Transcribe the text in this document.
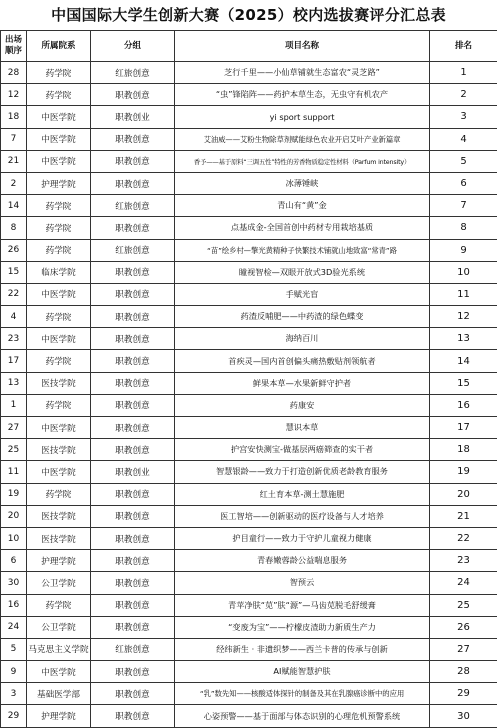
中国国际大学生创新大赛（2025）校内选拔赛评分汇总表
出场顺序	所属院系	分组	项目名称	排名
28	药学院	红旅创意	芝行千里——小仙草铺就生态富农“灵芝路”	1
12	药学院	职教创意	“虫”锋陷阵——药护本草生态，无虫守有机农产	2
18	中医学院	职教创业	yi sport support	3
7	中医学院	职教创意	艾油威——艾粉生物除草剂赋能绿色农业开启艾叶产业新篇章	4
21	中医学院	职教创意	香予——基于原料“三调五性”特性的芳香物质稳定性材料（Parfum intensity）	5
2	护理学院	职教创意	冰薄锤峡	6
14	药学院	红旅创意	青山有“黄”金	7
8	药学院	职教创意	点基成金-全国首创中药材专用栽培基质	8
26	药学院	红旅创意	“苗”绘乡村—擎光黄精种子快繁技术铺就山地致富“常青”路	9
15	临床学院	职教创意	瞳视智检—双眼开放式3D验光系统	10
22	中医学院	职教创意	手赋光盲	11
4	药学院	职教创意	药渣反哺肥——中药渣的绿色蝶变	12
23	中医学院	职教创意	海纳百川	13
17	药学院	职教创意	首疾灵—国内首创偏头痛热敷贴剂领航者	14
13	医技学院	职教创意	鲜果本草—水果新鲜守护者	15
1	药学院	职教创意	药康安	16
27	中医学院	职教创意	慧识本草	17
25	医技学院	职教创意	护宫安快测宝-做基层两癌筛查的实干者	18
11	中医学院	职教创业	智慧银龄——致力于打造创新优质老龄教育服务	19
19	药学院	职教创意	红土育本草-测土慧施肥	20
20	医技学院	职教创意	医工智培——创新驱动的医疗设备与人才培养	21
10	医技学院	职教创意	护目童行——致力于守护儿童视力健康	22
6	护理学院	职教创意	青春嫩蓉龄公益喘息服务	23
30	公卫学院	职教创意	智预云	24
16	药学院	职教创意	青苹净肤“苋”肤“源”—马齿苋脱毛舒缓膏	25
24	公卫学院	职教创意	“变废为宝”——柠檬皮渣助力新质生产力	26
5	马克思主义学院	红旅创意	经纬新生 · 非遗织梦——西兰卡普的传承与创新	27
9	中医学院	职教创意	AI赋能智慧护肤	28
3	基础医学部	职教创意	“乳”数先知——核酸适体探针的制备及其在乳腺癌诊断中的应用	29
29	护理学院	职教创意	心姿预警——基于面部与体态识别的心理危机预警系统	30
